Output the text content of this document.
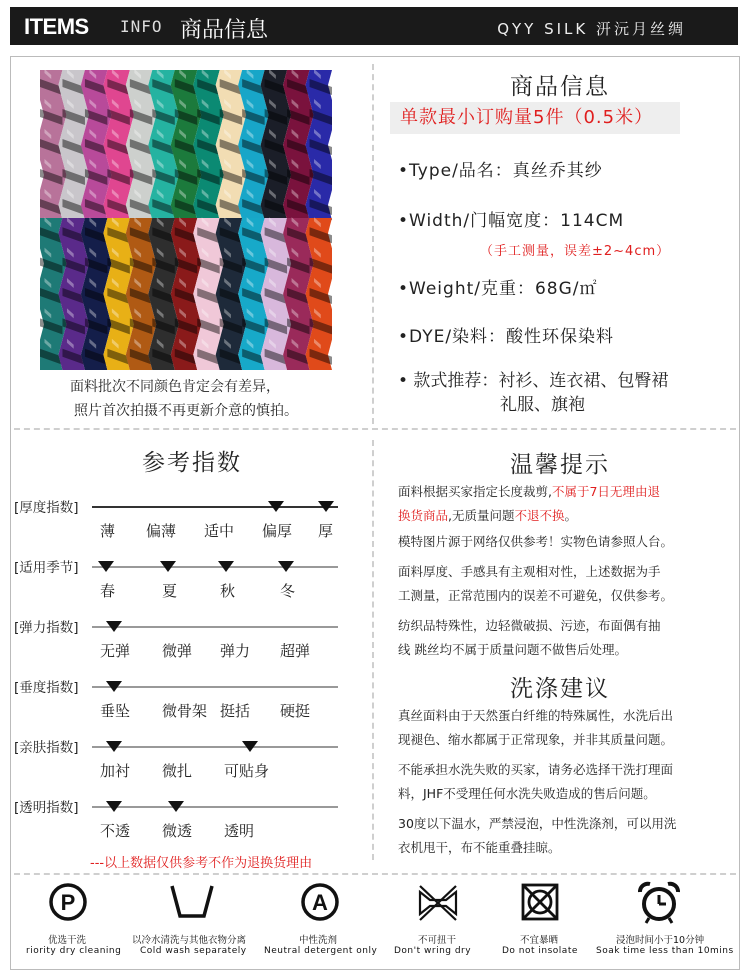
ITEMS INFO 商品信息	QYY SILK 汧沅月丝绸
面料批次不同颜色肯定会有差异，
照片首次拍摄不再更新介意的慎拍。
商品信息
单款最小订购量5件（0.5米）
•Type/品名：真丝乔其纱
•Width/门幅宽度：114CM
（手工测量，误差±2~4cm）
•Weight/克重：68G/㎡
•DYE/染料：酸性环保染料
• 款式推荐：衬衫、连衣裙、包臀裙
礼服、旗袍
参考指数
[厚度指数]
薄 偏薄 适中 偏厚 厚
[适用季节]
春	夏	秋	冬
[弹力指数]
无弹 微弹 弹力 超弹
[垂度指数]
垂坠 微骨架 挺括 硬挺
[亲肤指数]
加衬 微扎 可贴身
[透明指数]
不透 微透 透明
---以上数据仅供参考不作为退换货理由
温馨提示
面料根据买家指定长度裁剪,不属于7日无理由退
换货商品,无质量问题不退不换。
模特图片源于网络仅供参考！实物色请参照人台。
面料厚度、手感具有主观相对性，上述数据为手
工测量，正常范围内的误差不可避免，仅供参考。
纺织品特殊性，边轻微破损、污迹，布面偶有抽
线 跳丝均不属于质量问题不做售后处理。
洗涤建议
真丝面料由于天然蛋白纤维的特殊属性，水洗后出
现褪色、缩水都属于正常现象，并非其质量问题。
不能承担水洗失败的买家，请务必选择干洗打理面
料，JHF不受理任何水洗失败造成的售后问题。
30度以下温水，严禁浸泡，中性洗涤剂，可以用洗
衣机甩干，布不能重叠挂晾。
P	A
优选干洗
riority dry cleaning
以冷水清洗与其他衣物分离
Cold wash separately
中性洗剂
Neutral detergent only
不可扭干
Don't wring dry
不宜暴晒
Do not insolate
浸泡时间小于10分钟
Soak time less than 10mins
